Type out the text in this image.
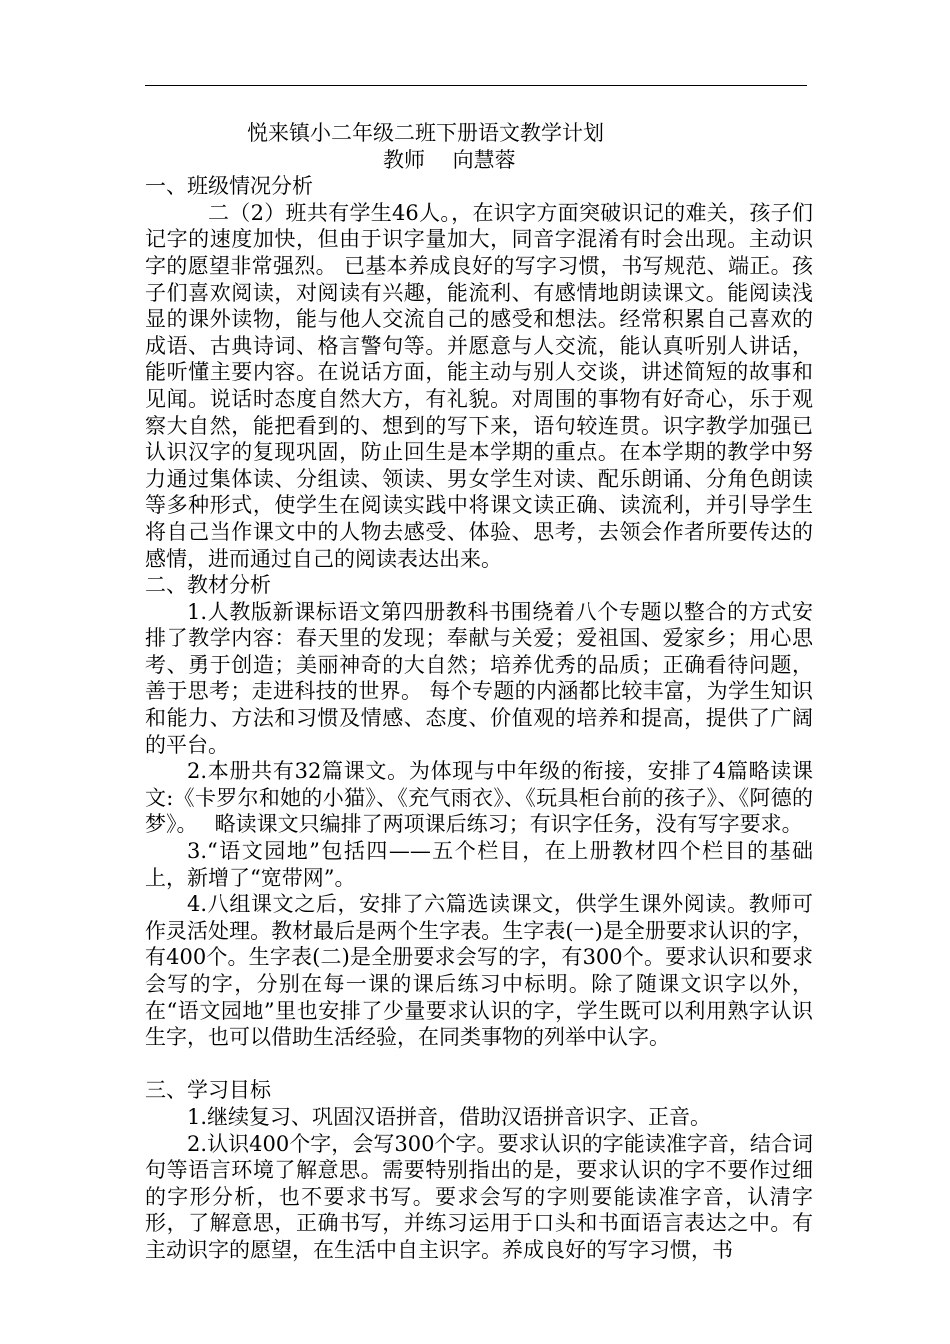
悦来镇小二年级二班下册语文教学计划

教师　 向慧蓉

一、班级情况分析

二（2）班共有学生46人。，在识字方面突破识记的难关，孩子们记字的速度加快，但由于识字量加大，同音字混淆有时会出现。主动识字的愿望非常强烈。 已基本养成良好的写字习惯，书写规范、端正。孩子们喜欢阅读，对阅读有兴趣，能流利、有感情地朗读课文。能阅读浅显的课外读物，能与他人交流自己的感受和想法。经常积累自己喜欢的成语、古典诗词、格言警句等。并愿意与人交流，能认真听别人讲话，能听懂主要内容。在说话方面，能主动与别人交谈，讲述简短的故事和见闻。说话时态度自然大方，有礼貌。对周围的事物有好奇心，乐于观察大自然，能把看到的、想到的写下来，语句较连贯。识字教学加强已认识汉字的复现巩固，防止回生是本学期的重点。在本学期的教学中努力通过集体读、分组读、领读、男女学生对读、配乐朗诵、分角色朗读等多种形式，使学生在阅读实践中将课文读正确、读流利，并引导学生将自己当作课文中的人物去感受、体验、思考，去领会作者所要传达的感情，进而通过自己的阅读表达出来。

二、教材分析

1.人教版新课标语文第四册教科书围绕着八个专题以整合的方式安排了教学内容：春天里的发现；奉献与关爱；爱祖国、爱家乡；用心思考、勇于创造；美丽神奇的大自然；培养优秀的品质；正确看待问题，善于思考；走进科技的世界。 每个专题的内涵都比较丰富，为学生知识和能力、方法和习惯及情感、态度、价值观的培养和提高，提供了广阔的平台。

2.本册共有32篇课文。为体现与中年级的衔接，安排了4篇略读课文:《卡罗尔和她的小猫》、《充气雨衣》、《玩具柜台前的孩子》、《阿德的梦》。　 略读课文只编排了两项课后练习；有识字任务，没有写字要求。

3.“语文园地”包括四——五个栏目，在上册教材四个栏目的基础上，新增了“宽带网”。

4.八组课文之后，安排了六篇选读课文，供学生课外阅读。教师可作灵活处理。教材最后是两个生字表。生字表(一)是全册要求认识的字，有400个。生字表(二)是全册要求会写的字，有300个。要求认识和要求会写的字，分别在每一课的课后练习中标明。除了随课文识字以外，在“语文园地”里也安排了少量要求认识的字，学生既可以利用熟字认识生字，也可以借助生活经验，在同类事物的列举中认字。

三、学习目标

1.继续复习、巩固汉语拼音，借助汉语拼音识字、正音。

2.认识400个字，会写300个字。要求认识的字能读准字音，结合词句等语言环境了解意思。需要特别指出的是，要求认识的字不要作过细的字形分析，也不要求书写。要求会写的字则要能读准字音，认清字形，了解意思，正确书写，并练习运用于口头和书面语言表达之中。有主动识字的愿望，在生活中自主识字。养成良好的写字习惯，书
